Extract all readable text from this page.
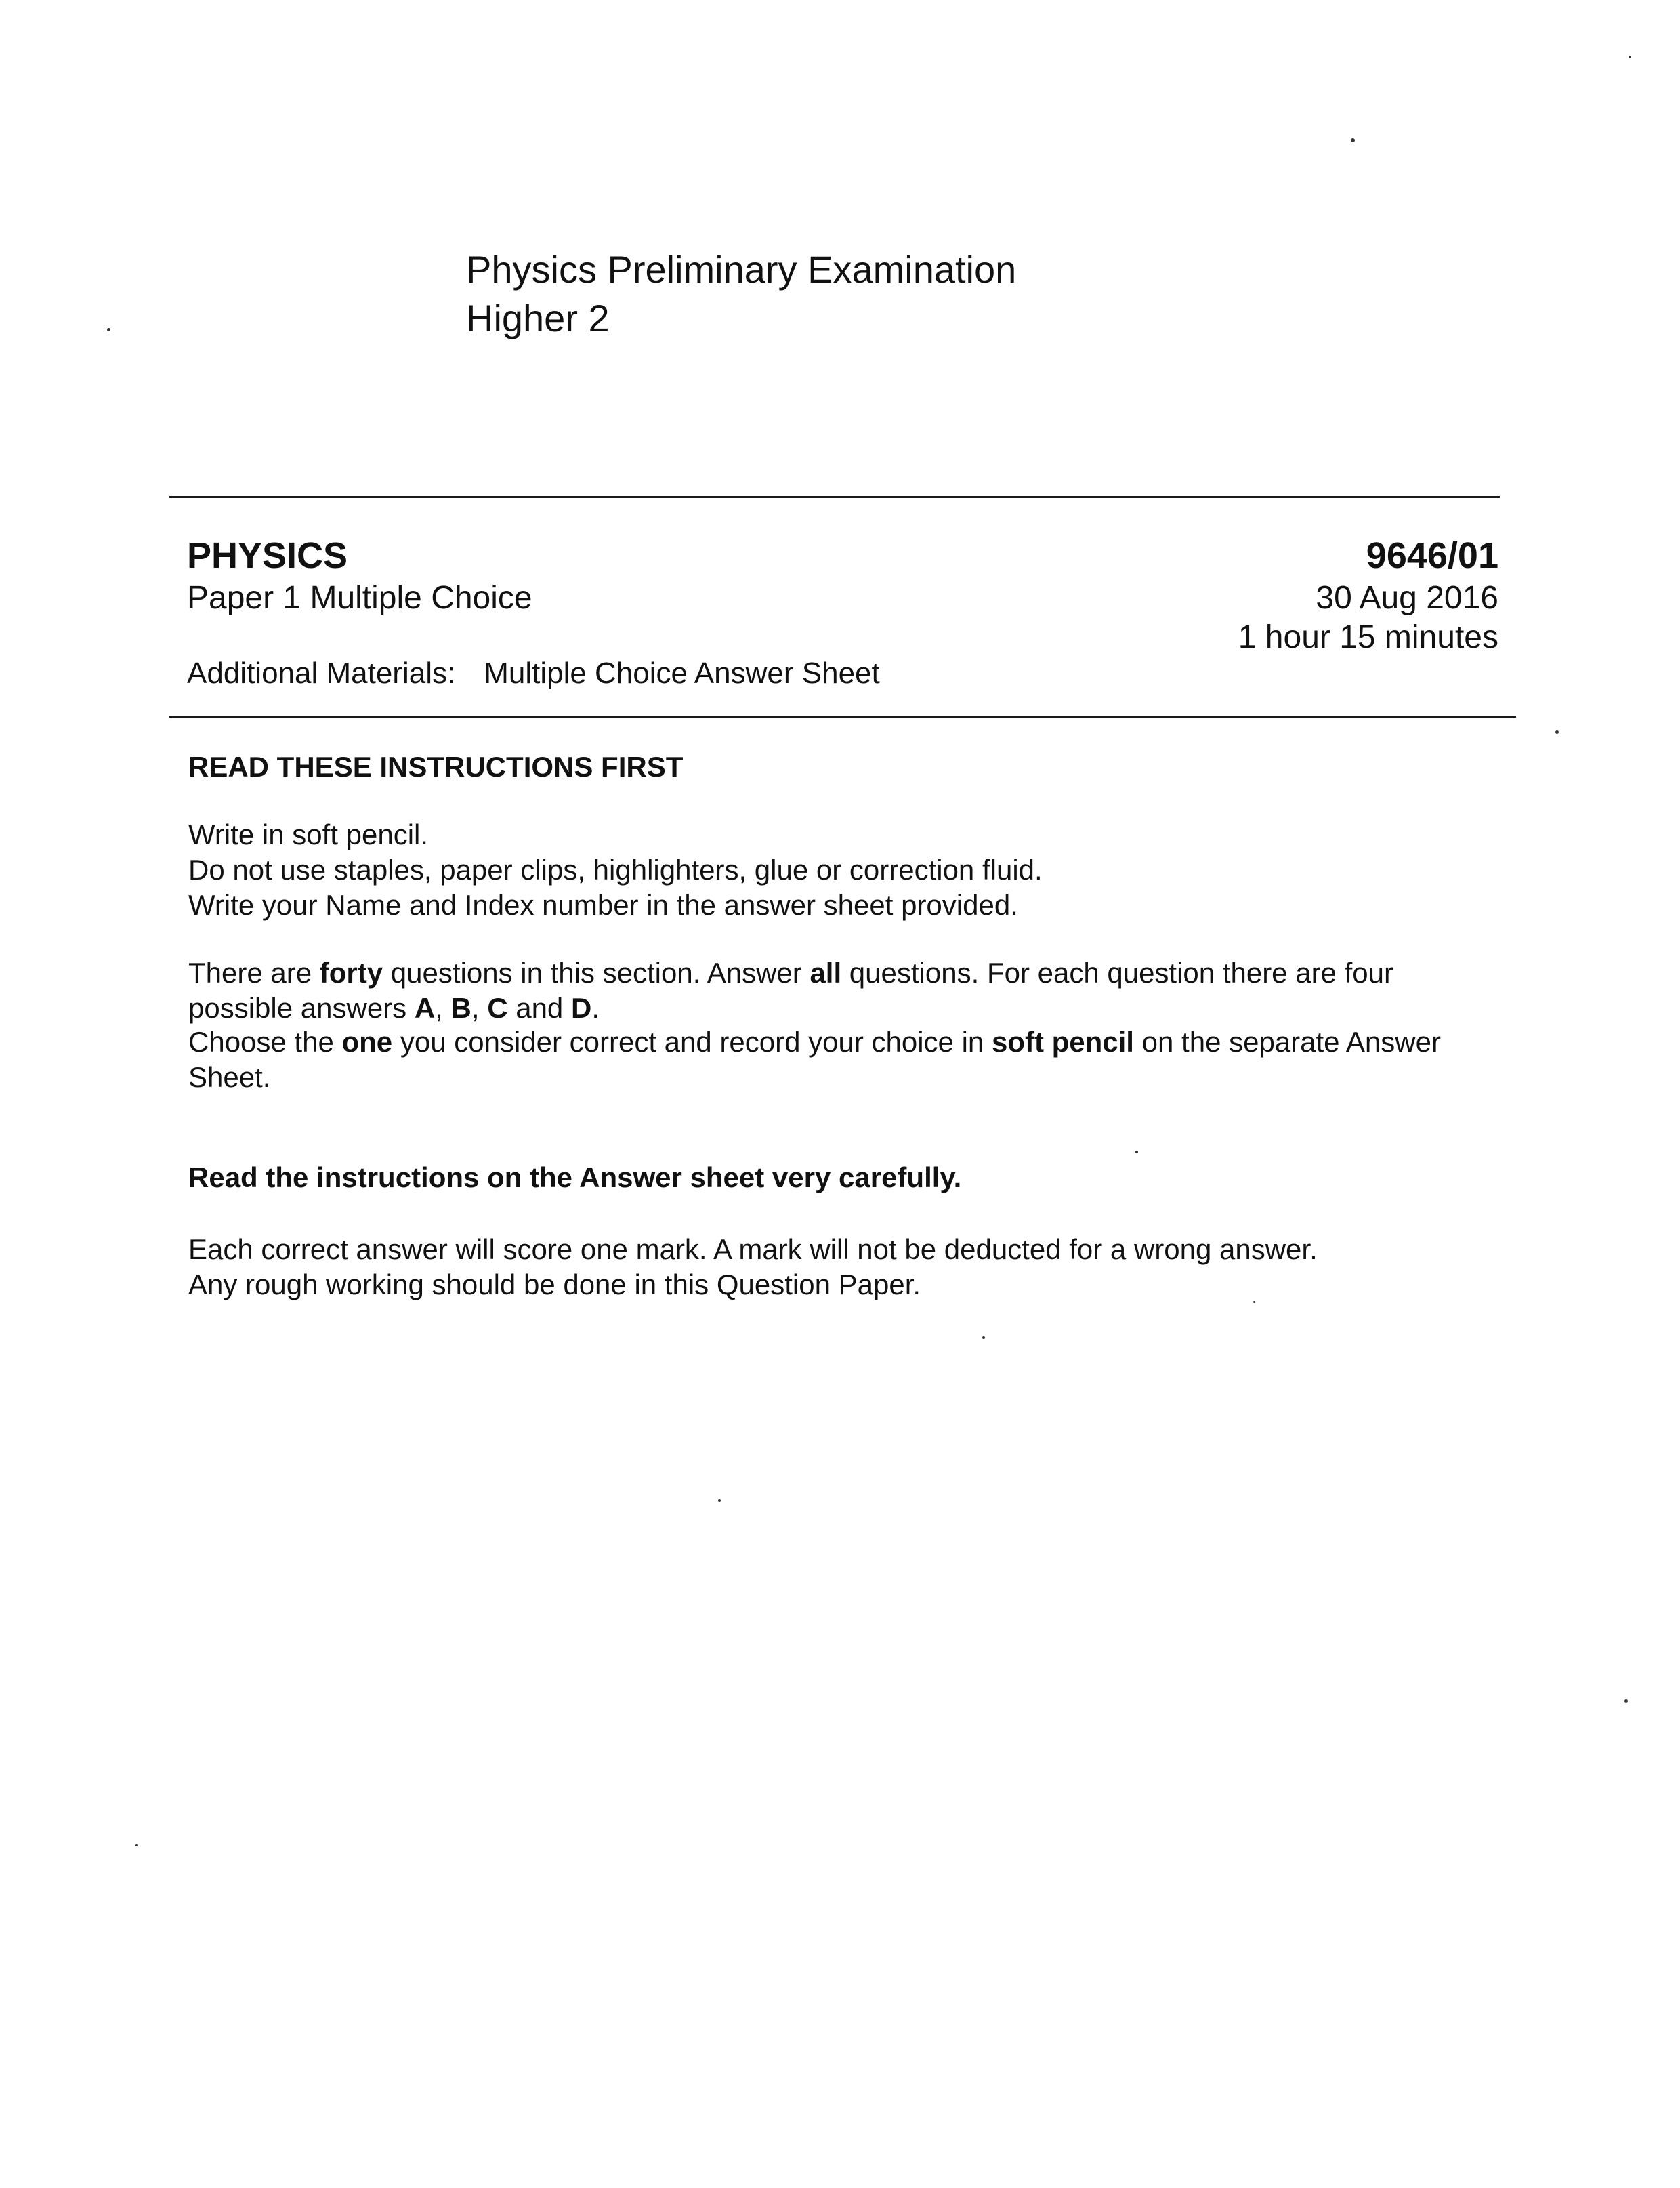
Physics Preliminary Examination
Higher 2
PHYSICS
Paper 1 Multiple Choice
Additional Materials: Multiple Choice Answer Sheet
9646/01
30 Aug 2016
1 hour 15 minutes
READ THESE INSTRUCTIONS FIRST
Write in soft pencil.
Do not use staples, paper clips, highlighters, glue or correction fluid.
Write your Name and Index number in the answer sheet provided.
There are forty questions in this section. Answer all questions. For each question there are four possible answers A, B, C and D.
Choose the one you consider correct and record your choice in soft pencil on the separate Answer Sheet.
Read the instructions on the Answer sheet very carefully.
Each correct answer will score one mark. A mark will not be deducted for a wrong answer.
Any rough working should be done in this Question Paper.
